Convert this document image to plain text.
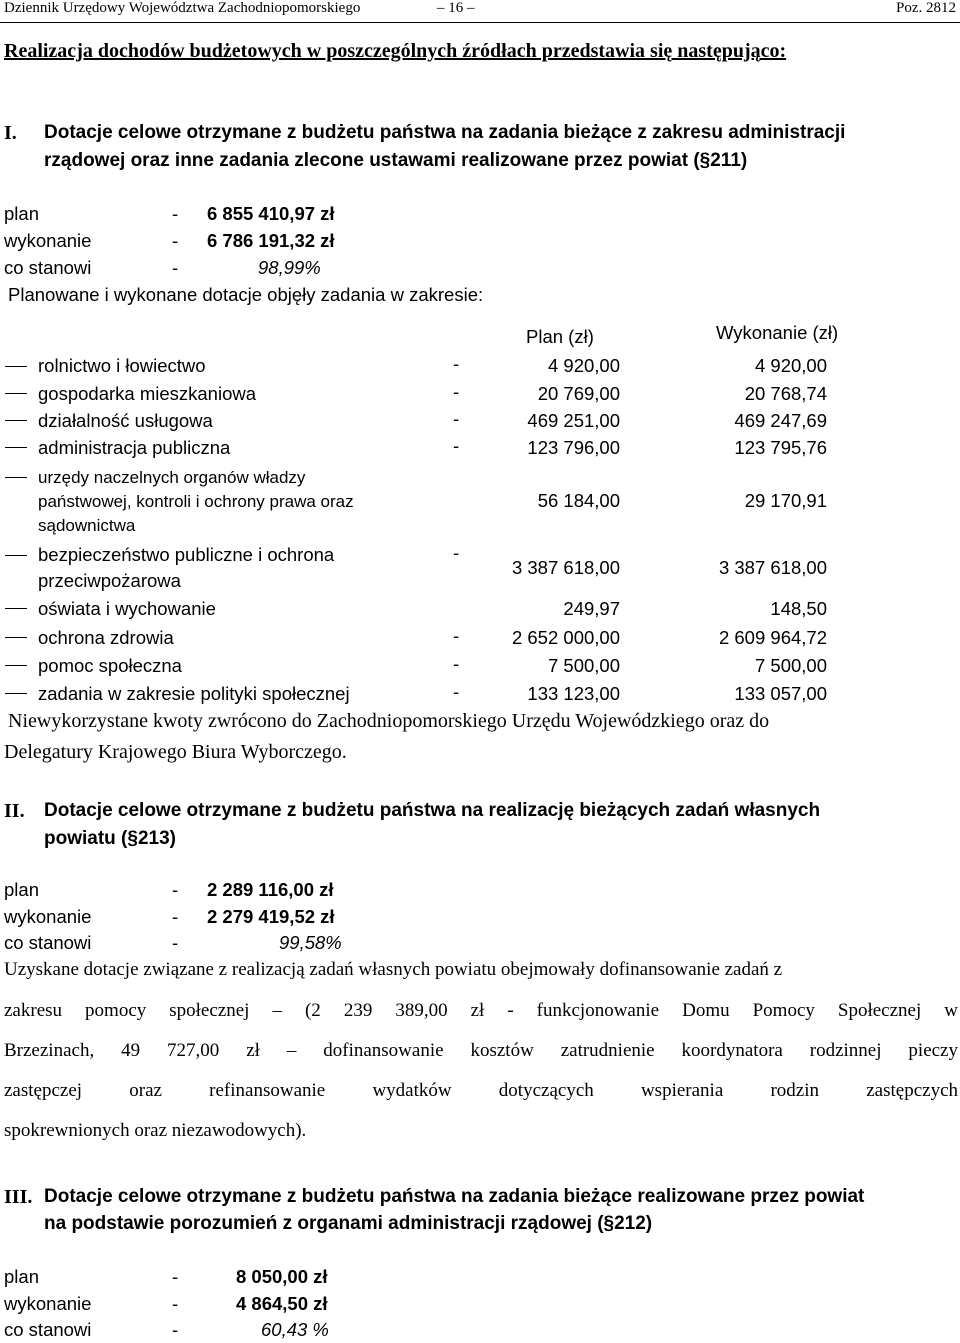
Dziennik Urzędowy Województwa Zachodniopomorskiego	– 16 –	Poz. 2812
Realizacja dochodów budżetowych w poszczególnych źródłach przedstawia się następująco:
I. Dotacje celowe otrzymane z budżetu państwa na zadania bieżące z zakresu administracji
rządowej oraz inne zadania zlecone ustawami realizowane przez powiat (§211)
plan	- 6 855 410,97 zł
wykonanie	- 6 786 191,32 zł
co stanowi	-	98,99%
Planowane i wykonane dotacje objęły zadania w zakresie:
Plan (zł)	Wykonanie (zł)
rolnictwo i łowiectwo	-	4 920,00	4 920,00
gospodarka mieszkaniowa	-	20 769,00	20 768,74
działalność usługowa	-	469 251,00	469 247,69
administracja publiczna	-	123 796,00	123 795,76
urzędy naczelnych organów władzy
państwowej, kontroli i ochrony prawa oraz
sądownictwa
56 184,00	29 170,91
bezpieczeństwo publiczne i ochrona
przeciwpożarowa
-
3 387 618,00	3 387 618,00
oświata i wychowanie	249,97	148,50
ochrona zdrowia	-	2 652 000,00	2 609 964,72
pomoc społeczna	-	7 500,00	7 500,00
zadania w zakresie polityki społecznej	-	133 123,00	133 057,00
Niewykorzystane kwoty zwrócono do Zachodniopomorskiego Urzędu Wojewódzkiego oraz do
Delegatury Krajowego Biura Wyborczego.
II. Dotacje celowe otrzymane z budżetu państwa na realizację bieżących zadań własnych
powiatu (§213)
plan	- 2 289 116,00 zł
wykonanie	- 2 279 419,52 zł
co stanowi	-	99,58%
Uzyskane dotacje związane z realizacją zadań własnych powiatu obejmowały dofinansowanie zadań z
zakresu pomocy społecznej – (2 239 389,00 zł - funkcjonowanie Domu Pomocy Społecznej w
Brzezinach, 49 727,00 zł – dofinansowanie kosztów zatrudnienie koordynatora rodzinnej pieczy
zastępczej oraz refinansowanie wydatków dotyczących wspierania rodzin zastępczych
spokrewnionych oraz niezawodowych).
III. Dotacje celowe otrzymane z budżetu państwa na zadania bieżące realizowane przez powiat
na podstawie porozumień z organami administracji rządowej (§212)
plan	-	8 050,00 zł
wykonanie	-	4 864,50 zł
co stanowi	-	60,43 %
